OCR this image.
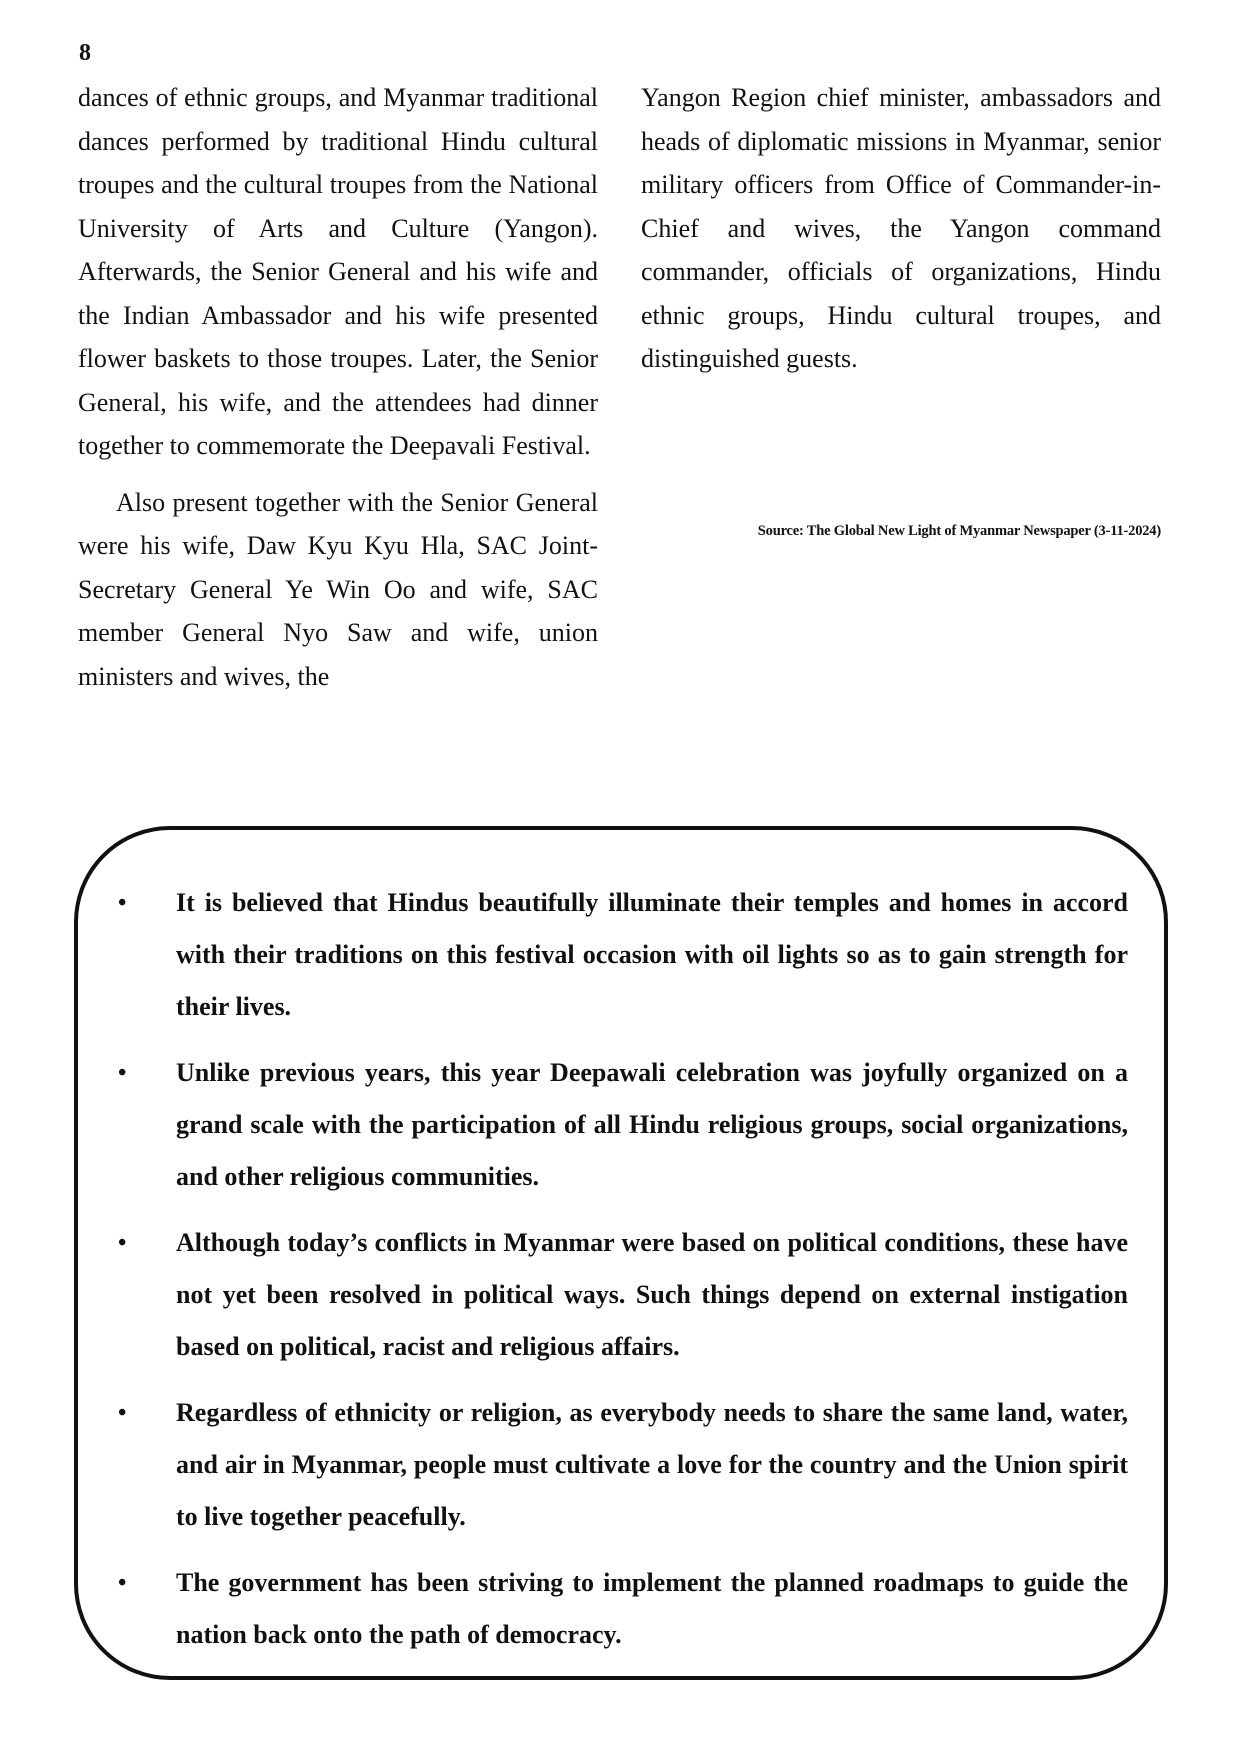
8

dances of ethnic groups, and Myanmar traditional dances performed by traditional Hindu cultural troupes and the cultural troupes from the National University of Arts and Culture (Yangon). Afterwards, the Senior General and his wife and the Indian Ambassador and his wife presented flower baskets to those troupes. Later, the Senior General, his wife, and the attendees had dinner together to commemorate the Deepavali Festival.

Also present together with the Senior General were his wife, Daw Kyu Kyu Hla, SAC Joint-Secretary General Ye Win Oo and wife, SAC member General Nyo Saw and wife, union ministers and wives, the

Yangon Region chief minister, ambassadors and heads of diplomatic missions in Myanmar, senior military officers from Office of Commander-in-Chief and wives, the Yangon command commander, officials of organizations, Hindu ethnic groups, Hindu cultural troupes, and distinguished guests.

Source: The Global New Light of Myanmar Newspaper (3-11-2024)
•	It is believed that Hindus beautifully illuminate their temples and homes in accord with their traditions on this festival occasion with oil lights so as to gain strength for their lives.
•	Unlike previous years, this year Deepawali celebration was joyfully organized on a grand scale with the participation of all Hindu religious groups, social organizations, and other religious communities.
•	Although today’s conflicts in Myanmar were based on political conditions, these have not yet been resolved in political ways. Such things depend on external instigation based on political, racist and religious affairs.
•	Regardless of ethnicity or religion, as everybody needs to share the same land, water, and air in Myanmar, people must cultivate a love for the country and the Union spirit to live together peacefully.
•	The government has been striving to implement the planned roadmaps to guide the nation back onto the path of democracy.
